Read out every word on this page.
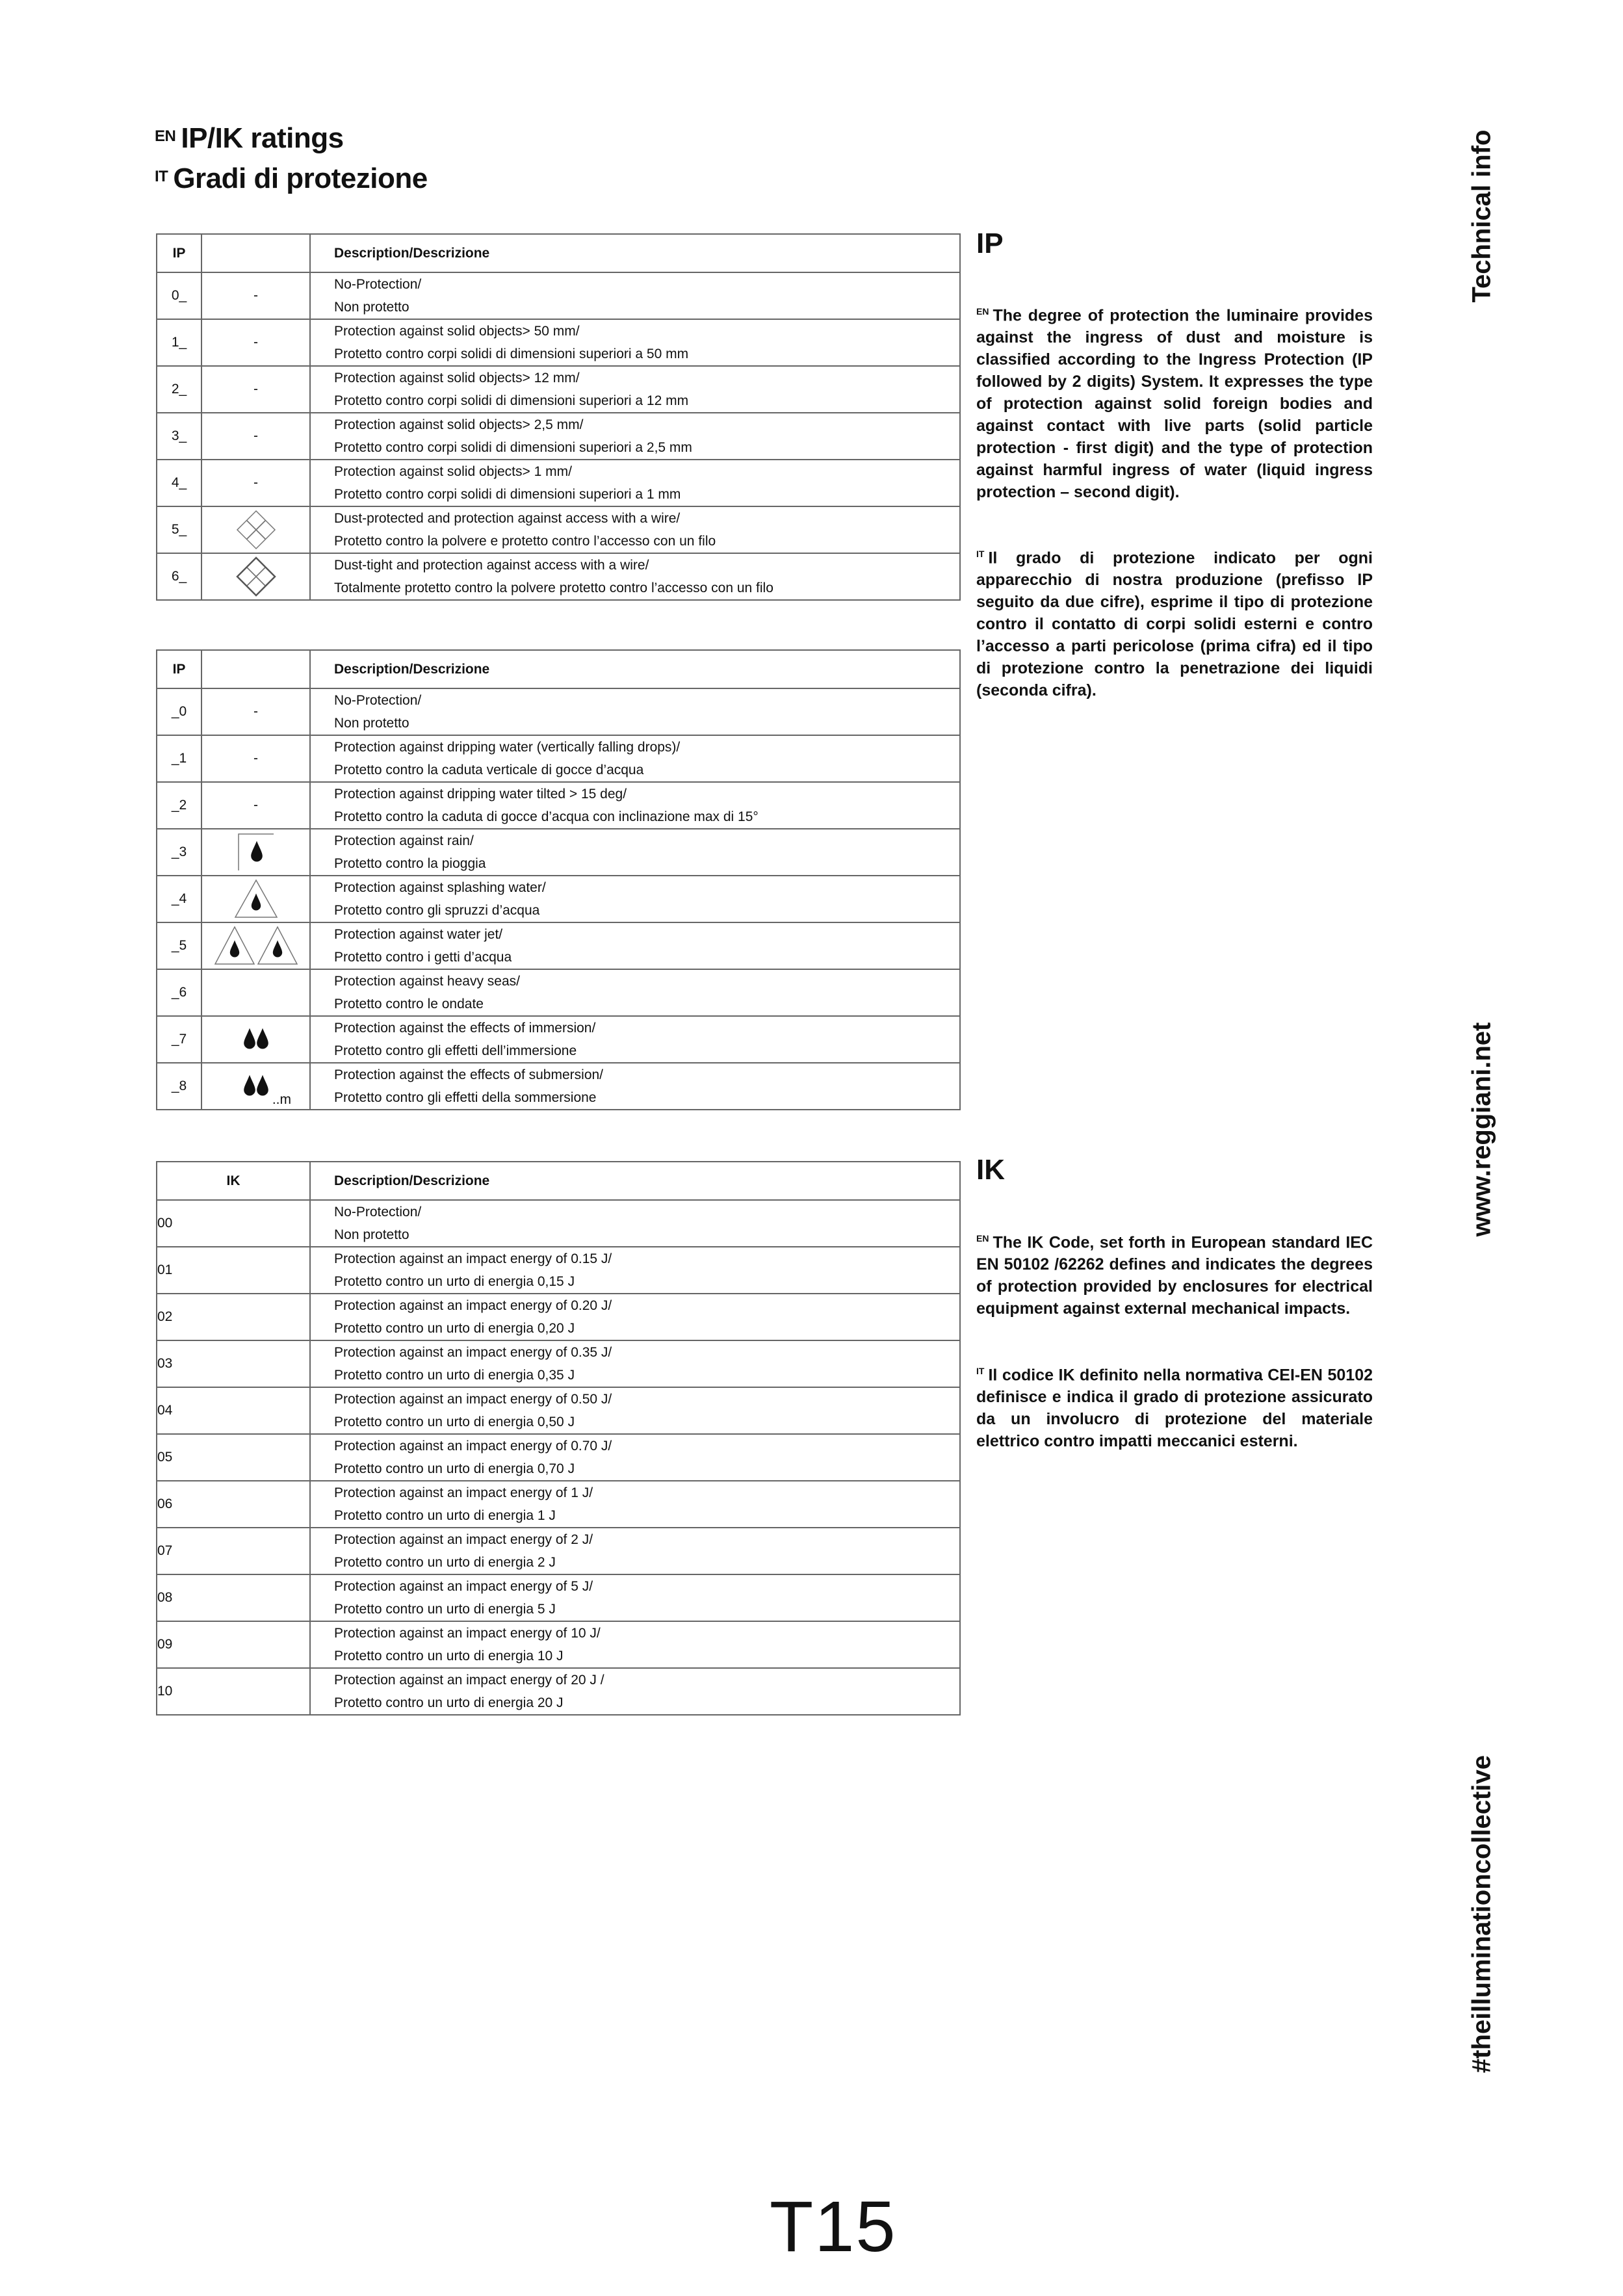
$^{EN}$ IP/IK ratings
$^{IT}$ Gradi di protezione
IP		Description/Descrizione
0_	-	No-Protection/
Non protetto

1_	-	Protection against solid objects> 50 mm/
Protetto contro corpi solidi di dimensioni superiori a 50 mm

2_	-	Protection against solid objects> 12 mm/
Protetto contro corpi solidi di dimensioni superiori a 12 mm

3_	-	Protection against solid objects> 2,5 mm/
Protetto contro corpi solidi di dimensioni superiori a 2,5 mm

4_	-	Protection against solid objects> 1 mm/
Protetto contro corpi solidi di dimensioni superiori a 1 mm

5_		Dust-protected and protection against access with a wire/
Protetto contro la polvere e protetto contro l’accesso con un filo

6_		Dust-tight and protection against access with a wire/
Totalmente protetto contro la polvere protetto contro l’accesso con un filo
IP		Description/Descrizione
_0	-	No-Protection/
Non protetto

_1	-	Protection against dripping water (vertically falling drops)/
Protetto contro la caduta verticale di gocce d’acqua

_2	-	Protection against dripping water tilted > 15 deg/
Protetto contro la caduta di gocce d’acqua con inclinazione max di 15°

_3		Protection against rain/
Protetto contro la pioggia

_4		Protection against splashing water/
Protetto contro gli spruzzi d’acqua

_5		Protection against water jet/
Protetto contro i getti d’acqua

_6		Protection against heavy seas/
Protetto contro le ondate

_7		Protection against the effects of immersion/
Protetto contro gli effetti dell’immersione

_8	..m	Protection against the effects of submersion/
Protetto contro gli effetti della sommersione
IK	Description/Descrizione
00	No-Protection/
Non protetto

01	Protection against an impact energy of 0.15 J/
Protetto contro un urto di energia 0,15 J

02	Protection against an impact energy of 0.20 J/
Protetto contro un urto di energia 0,20 J

03	Protection against an impact energy of 0.35 J/
Protetto contro un urto di energia 0,35 J

04	Protection against an impact energy of 0.50 J/
Protetto contro un urto di energia 0,50 J

05	Protection against an impact energy of 0.70 J/
Protetto contro un urto di energia 0,70 J

06	Protection against an impact energy of 1 J/
Protetto contro un urto di energia 1 J

07	Protection against an impact energy of 2 J/
Protetto contro un urto di energia 2 J

08	Protection against an impact energy of 5 J/
Protetto contro un urto di energia 5 J

09	Protection against an impact energy of 10 J/
Protetto contro un urto di energia 10 J

10	Protection against an impact energy of 20 J /
Protetto contro un urto di energia 20 J
IP
$^{EN}$ The degree of protection the luminaire provides against the ingress of dust and moisture is classified according to the Ingress Protection (IP followed by 2 digits) System. It expresses the type of protection against solid foreign bodies and against contact with live parts (solid particle protection - first digit) and the type of protection against harmful ingress of water (liquid ingress protection – second digit).
$^{IT}$ Il grado di protezione indicato per ogni apparecchio di nostra produzione (prefisso IP seguito da due cifre), esprime il tipo di protezione contro il contatto di corpi solidi esterni e contro l’accesso a parti pericolose (prima cifra) ed il tipo di protezione contro la penetrazione dei liquidi (seconda cifra).
IK
$^{EN}$ The IK Code, set forth in European standard IEC EN 50102 /62262 defines and indicates the degrees of protection provided by enclosures for electrical equipment against external mechanical impacts.
$^{IT}$ Il codice IK definito nella normativa CEI-EN 50102 definisce e indica il grado di protezione assicurato da un involucro di protezione del materiale elettrico contro impatti meccanici esterni.
Technical info
www.reggiani.net
#theilluminationcollective
T15
